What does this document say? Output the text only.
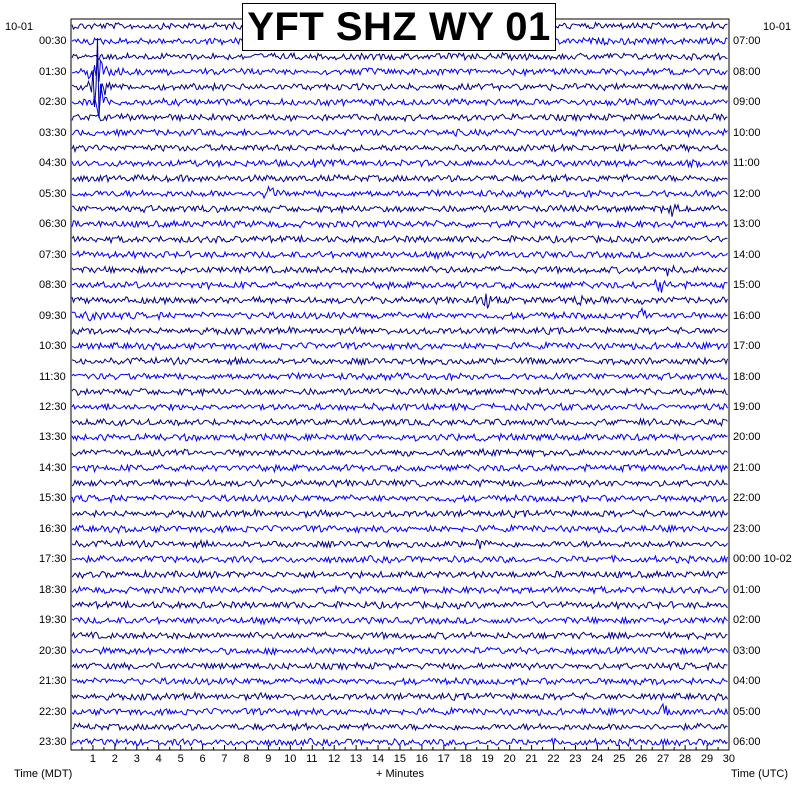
YFT SHZ WY 01
10-01	10-01
00:30
01:30
02:30
03:30
04:30
05:30
06:30
07:30
08:30
09:30
10:30
11:30
12:30
13:30
14:30
15:30
16:30
17:30
18:30
19:30
20:30
21:30
22:30
23:30
07:00
08:00
09:00
10:00
11:00
12:00
13:00
14:00
15:00
16:00
17:00
18:00
19:00
20:00
21:00
22:00
23:00
00:00 10-02
01:00
02:00
03:00
04:00
05:00
06:00
1 2 3 4 5 6 7 8 9 10 11 12 13 14 15 16 17 18 19 20 21 22 23 24 25 26 27 28 29 30
+ Minutes
Time (MDT)	Time (UTC)
